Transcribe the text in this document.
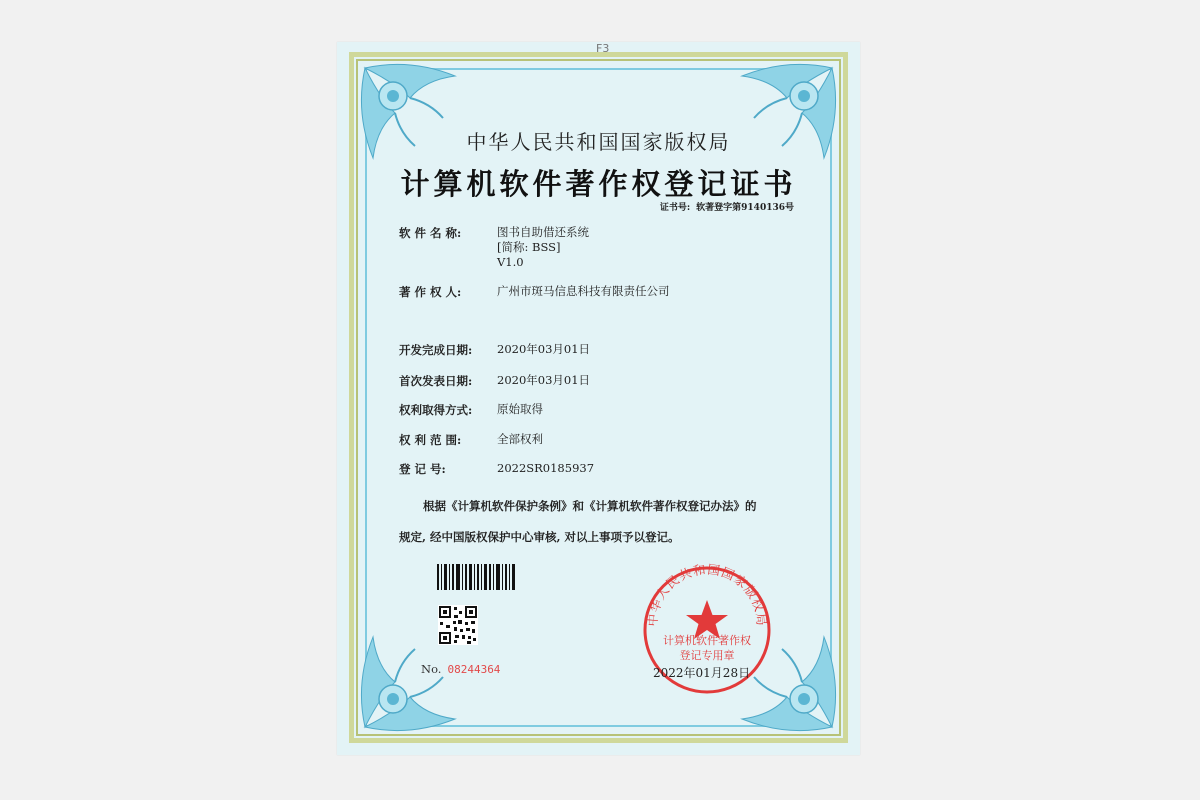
F3
中华人民共和国国家版权局
计算机软件著作权登记证书
证书号: 软著登字第9140136号
软 件 名 称:	图书自助借还系统
[简称: BSS]
V1.0
著 作 权 人:	广州市斑马信息科技有限责任公司
开发完成日期:	2020年03月01日
首次发表日期:	2020年03月01日
权利取得方式:	原始取得
权 利 范 围:	全部权利
登 记 号:	2022SR0185937
根据《计算机软件保护条例》和《计算机软件著作权登记办法》的
规定, 经中国版权保护中心审核, 对以上事项予以登记。
No. 08244364
中华人民共和国国家版权局
计算机软件著作权
登记专用章
2022年01月28日
